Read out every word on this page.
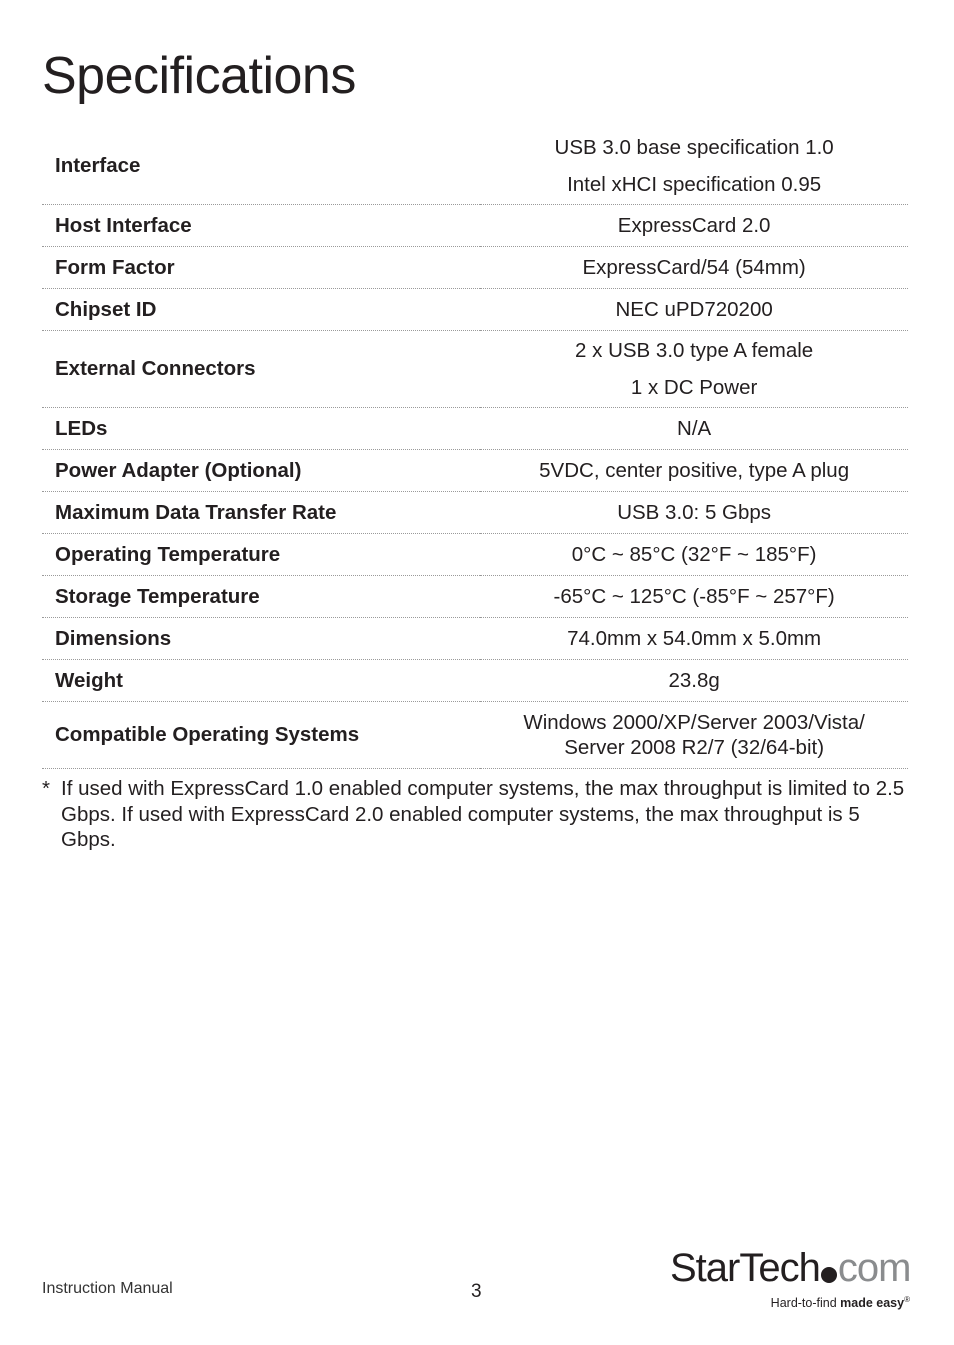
Specifications
Interface	USB 3.0 base specification 1.0
Intel xHCI specification 0.95

Host Interface	ExpressCard 2.0

Form Factor	ExpressCard/54 (54mm)

Chipset ID	NEC uPD720200

External Connectors	2 x USB 3.0 type A female
1 x DC Power

LEDs	N/A

Power Adapter (Optional)	5VDC, center positive, type A plug

Maximum Data Transfer Rate	USB 3.0: 5 Gbps

Operating Temperature	0°C ~ 85°C (32°F ~ 185°F)

Storage Temperature	-65°C ~ 125°C (-85°F ~ 257°F)

Dimensions	74.0mm x 54.0mm x 5.0mm

Weight	23.8g

Compatible Operating Systems	Windows 2000/XP/Server 2003/Vista/
Server 2008 R2/7 (32/64-bit)
* If used with ExpressCard 1.0 enabled computer systems, the max throughput is limited to 2.5 Gbps. If used with ExpressCard 2.0 enabled computer systems, the max throughput is 5 Gbps.
Instruction Manual	3
StarTech com
Hard-to-find made easy®
